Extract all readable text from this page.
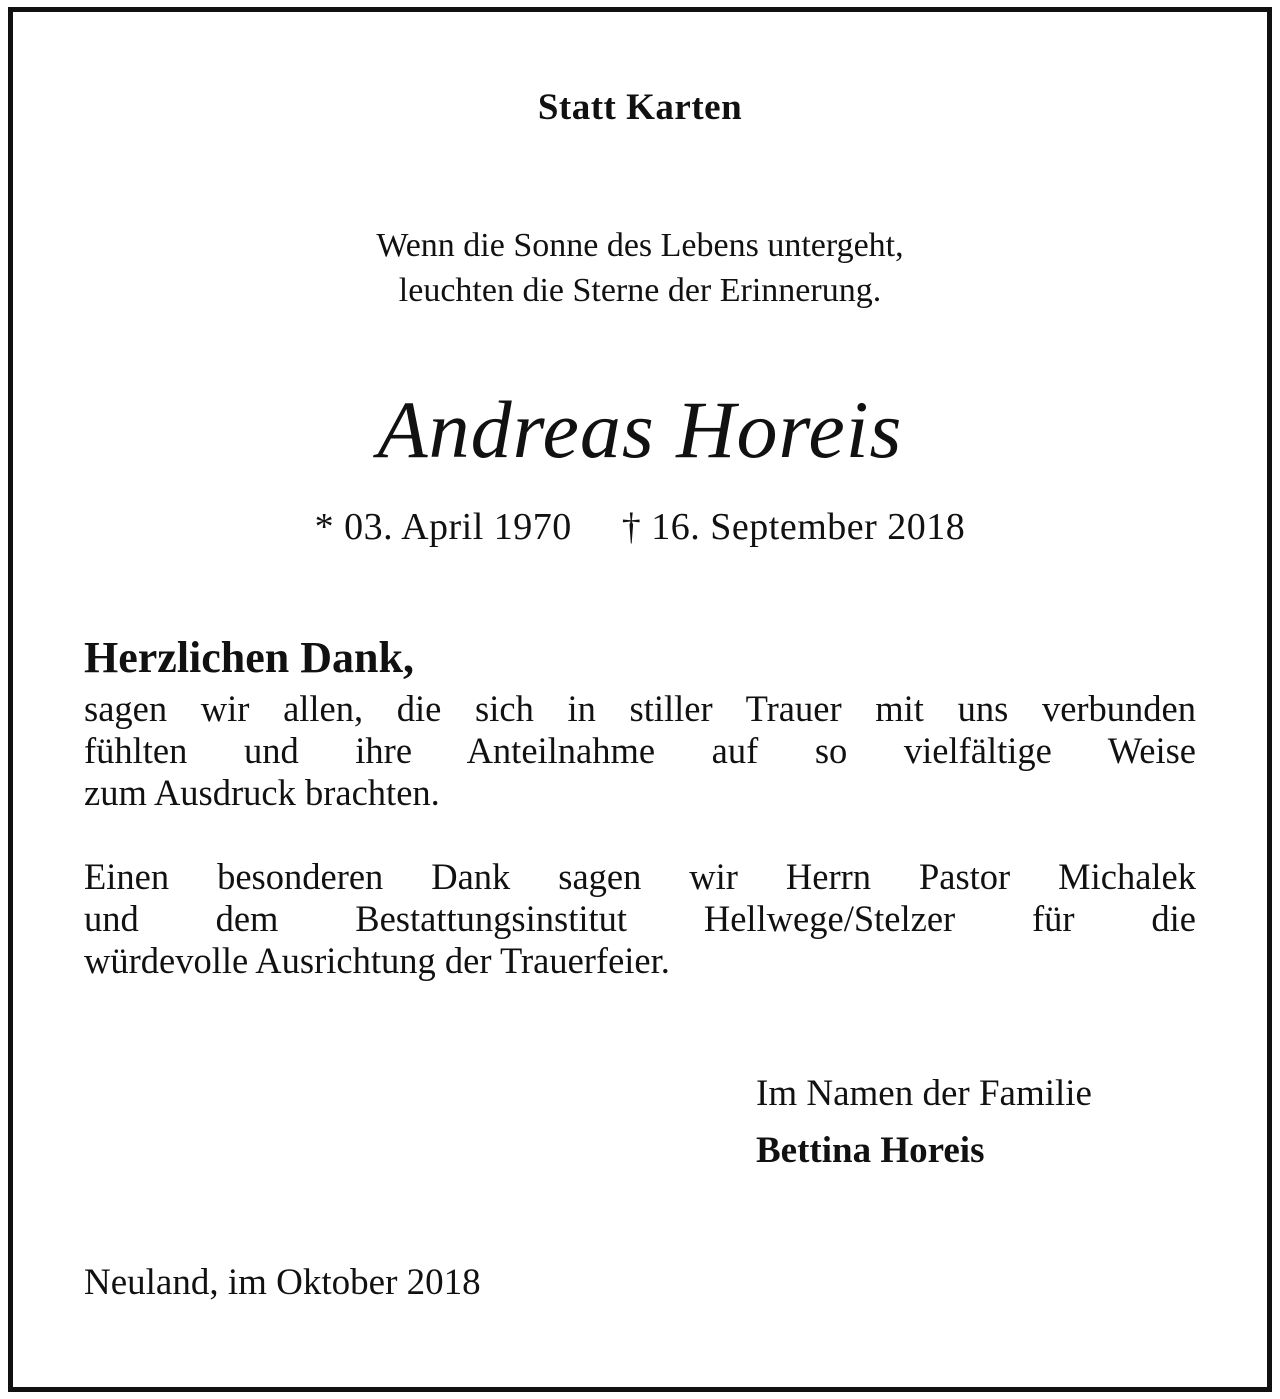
Statt Karten
Wenn die Sonne des Lebens untergeht,
leuchten die Sterne der Erinnerung.
Andreas Horeis
* 03. April 1970 † 16. September 2018
Herzlichen Dank,
sagen wir allen, die sich in stiller Trauer mit uns verbunden
fühlten und ihre Anteilnahme auf so vielfältige Weise
zum Ausdruck brachten.
Einen besonderen Dank sagen wir Herrn Pastor Michalek
und dem Bestattungsinstitut Hellwege/Stelzer für die
würdevolle Ausrichtung der Trauerfeier.
Im Namen der Familie
Bettina Horeis
Neuland, im Oktober 2018
